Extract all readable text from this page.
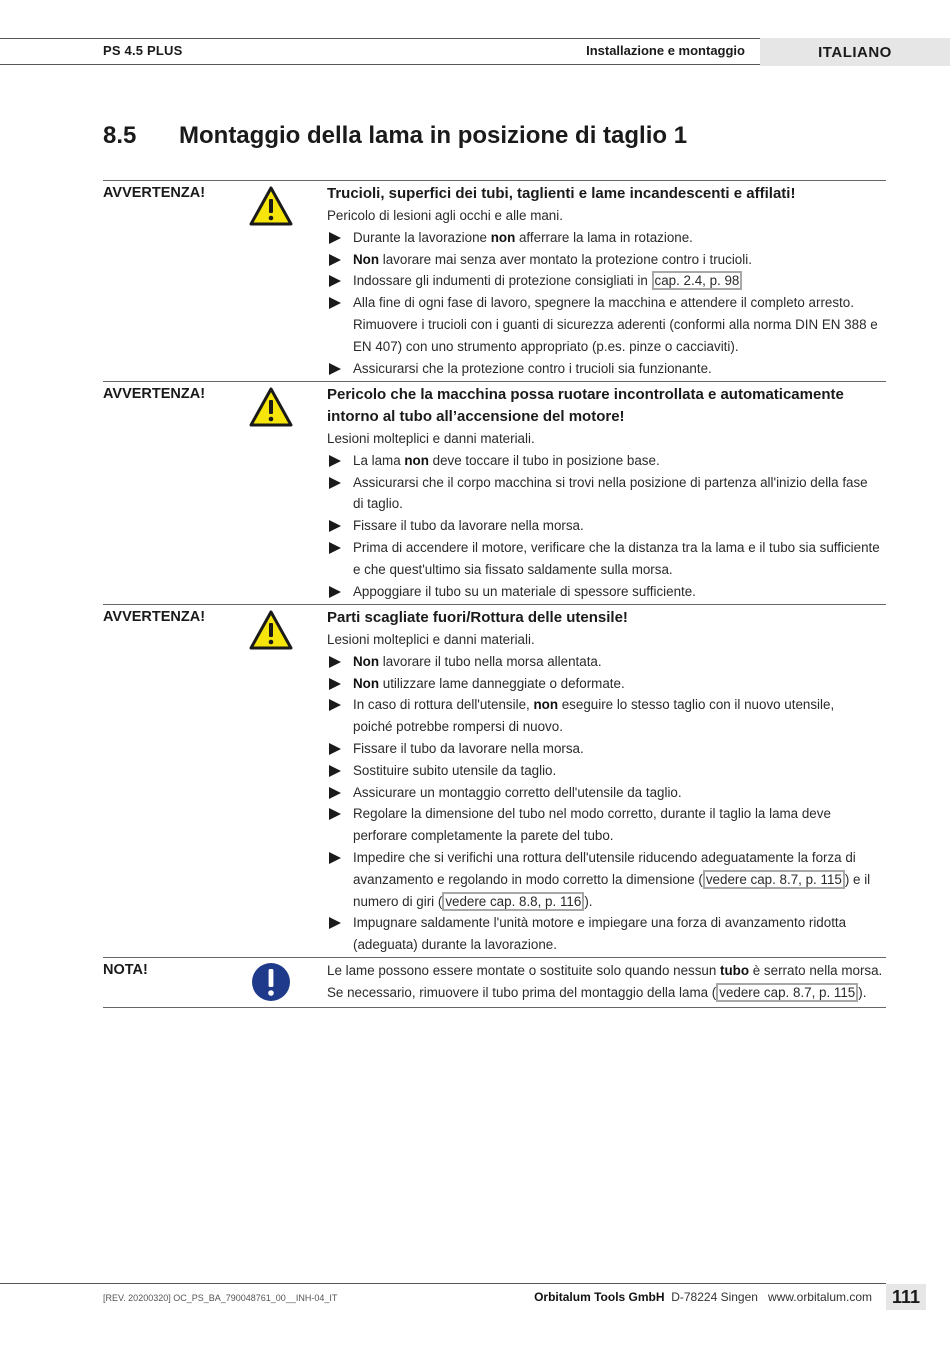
PS 4.5 PLUS	Installazione e montaggio	ITALIANO
8.5	Montaggio della lama in posizione di taglio 1
AVVERTENZA!	Trucioli, superfici dei tubi, taglienti e lame incandescenti e affilati!
Pericolo di lesioni agli occhi e alle mani.
Durante la lavorazione non afferrare la lama in rotazione.
Non lavorare mai senza aver montato la protezione contro i trucioli.
Indossare gli indumenti di protezione consigliati in cap. 2.4, p. 98
Alla fine di ogni fase di lavoro, spegnere la macchina e attendere il completo arresto.
Rimuovere i trucioli con i guanti di sicurezza aderenti (conformi alla norma DIN EN 388 e
EN 407) con uno strumento appropriato (p.es. pinze o cacciaviti).
Assicurarsi che la protezione contro i trucioli sia funzionante.
AVVERTENZA!	Pericolo che la macchina possa ruotare incontrollata e automaticamente
intorno al tubo all’accensione del motore!
Lesioni molteplici e danni materiali.
La lama non deve toccare il tubo in posizione base.
Assicurarsi che il corpo macchina si trovi nella posizione di partenza all'inizio della fase
di taglio.
Fissare il tubo da lavorare nella morsa.
Prima di accendere il motore, verificare che la distanza tra la lama e il tubo sia sufficiente
e che quest'ultimo sia fissato saldamente sulla morsa.
Appoggiare il tubo su un materiale di spessore sufficiente.
AVVERTENZA!	Parti scagliate fuori/Rottura delle utensile!
Lesioni molteplici e danni materiali.
Non lavorare il tubo nella morsa allentata.
Non utilizzare lame danneggiate o deformate.
In caso di rottura dell'utensile, non eseguire lo stesso taglio con il nuovo utensile,
poiché potrebbe rompersi di nuovo.
Fissare il tubo da lavorare nella morsa.
Sostituire subito utensile da taglio.
Assicurare un montaggio corretto dell'utensile da taglio.
Regolare la dimensione del tubo nel modo corretto, durante il taglio la lama deve
perforare completamente la parete del tubo.
Impedire che si verifichi una rottura dell'utensile riducendo adeguatamente la forza di
avanzamento e regolando in modo corretto la dimensione ( vedere cap. 8.7, p. 115 ) e il
numero di giri ( vedere cap. 8.8, p. 116 ).
Impugnare saldamente l'unità motore e impiegare una forza di avanzamento ridotta
(adeguata) durante la lavorazione.
NOTA!	Le lame possono essere montate o sostituite solo quando nessun tubo è serrato nella morsa.
Se necessario, rimuovere il tubo prima del montaggio della lama ( vedere cap. 8.7, p. 115 ).
[REV. 20200320] OC_PS_BA_790048761_00__INH-04_IT	Orbitalum Tools GmbH D-78224 Singen www.orbitalum.com	111
